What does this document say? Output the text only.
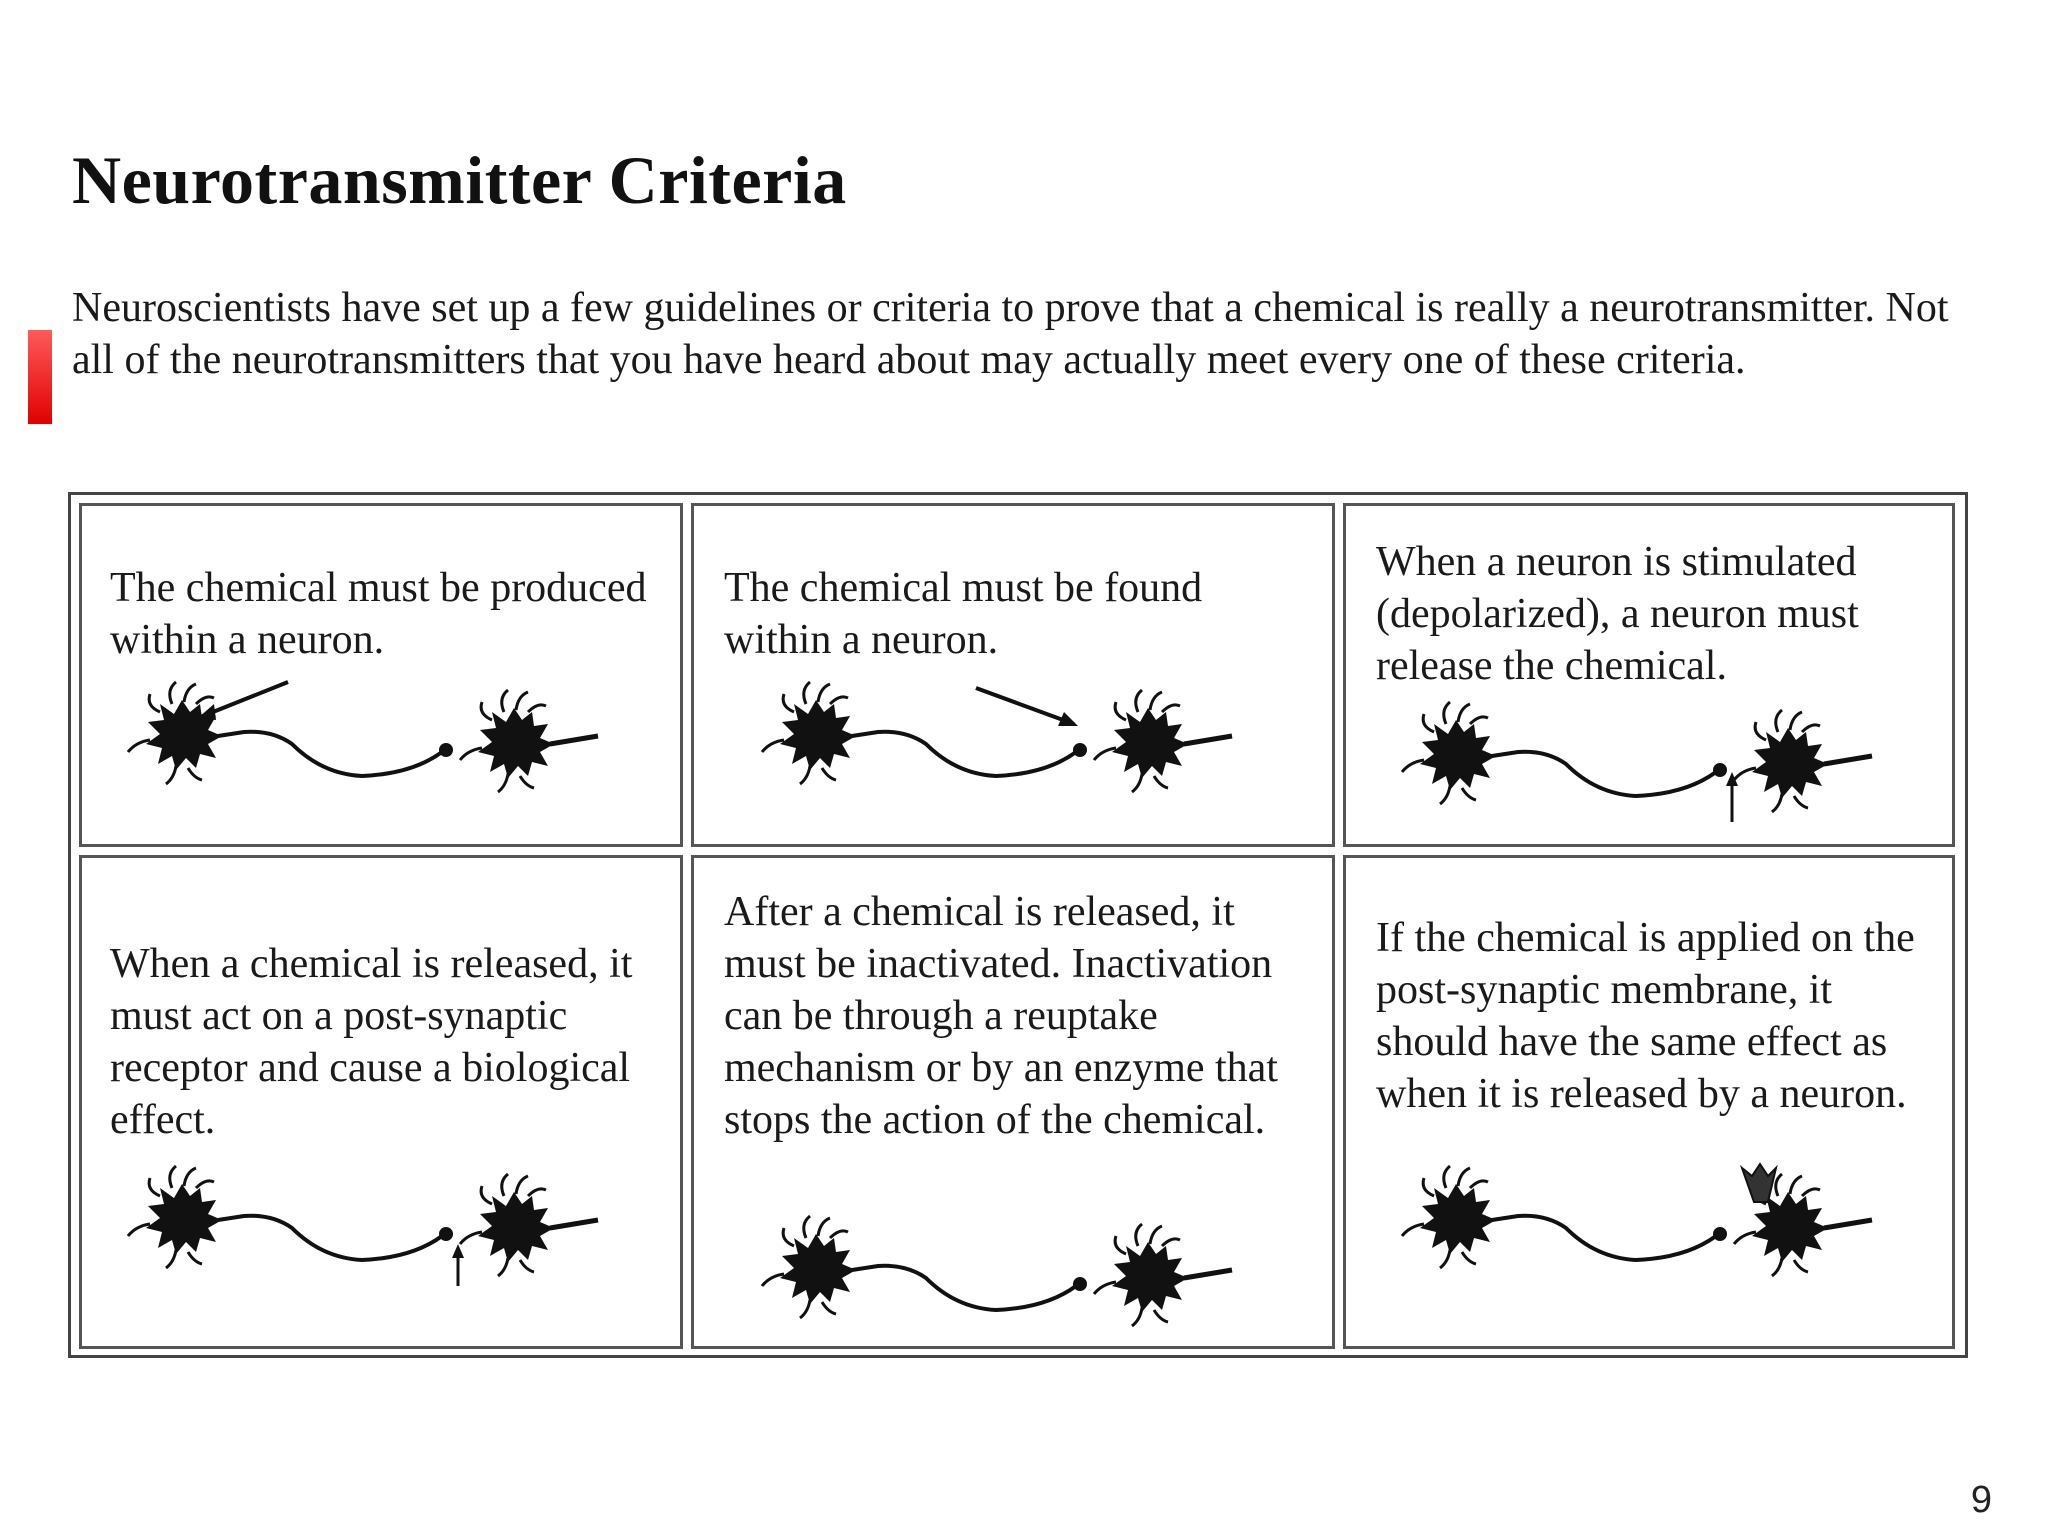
Neurotransmitter Criteria

Neuroscientists have set up a few guidelines or criteria to prove that a chemical is really a neurotransmitter. Not all of the neurotransmitters that you have heard about may actually meet every one of these criteria.

The chemical must be produced within a neuron.

The chemical must be found within a neuron.

When a neuron is stimulated (depolarized), a neuron must release the chemical.

When a chemical is released, it must act on a post-synaptic receptor and cause a biological effect.

After a chemical is released, it must be inactivated. Inactivation can be through a reuptake mechanism or by an enzyme that stops the action of the chemical.

If the chemical is applied on the post-synaptic membrane, it should have the same effect as when it is released by a neuron.

9
